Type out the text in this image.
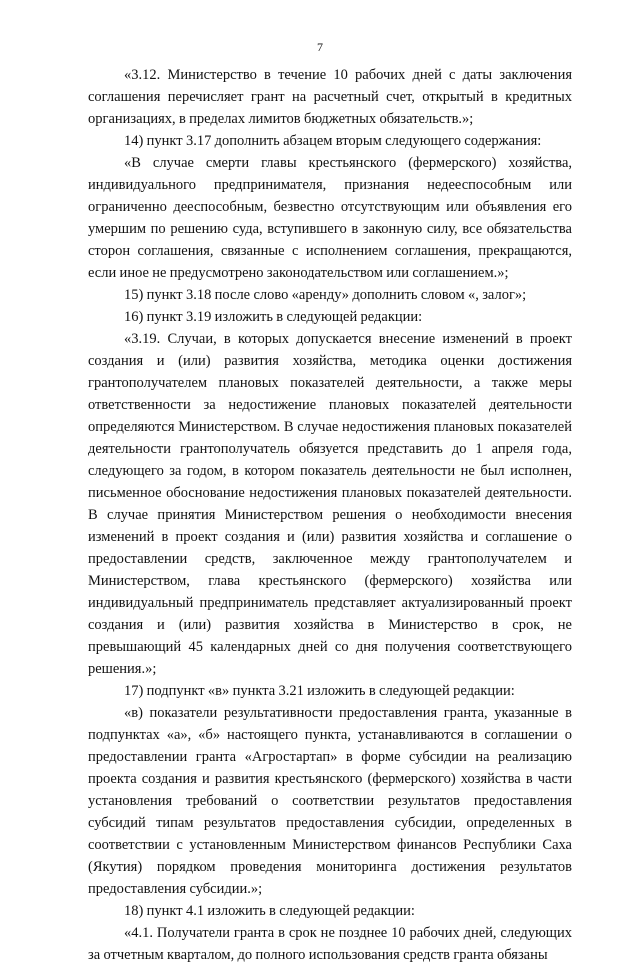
7

«3.12. Министерство в течение 10 рабочих дней с даты заключения соглашения перечисляет грант на расчетный счет, открытый в кредитных организациях, в пределах лимитов бюджетных обязательств.»;

14) пункт 3.17 дополнить абзацем вторым следующего содержания:

«В случае смерти главы крестьянского (фермерского) хозяйства, индивидуального предпринимателя, признания недееспособным или ограниченно дееспособным, безвестно отсутствующим или объявления его умершим по решению суда, вступившего в законную силу, все обязательства сторон соглашения, связанные с исполнением соглашения, прекращаются, если иное не предусмотрено законодательством или соглашением.»;

15) пункт 3.18 после слово «аренду» дополнить словом «, залог»;

16) пункт 3.19 изложить в следующей редакции:

«3.19. Случаи, в которых допускается внесение изменений в проект создания и (или) развития хозяйства, методика оценки достижения грантополучателем плановых показателей деятельности, а также меры ответственности за недостижение плановых показателей деятельности определяются Министерством. В случае недостижения плановых показателей деятельности грантополучатель обязуется представить до 1 апреля года, следующего за годом, в котором показатель деятельности не был исполнен, письменное обоснование недостижения плановых показателей деятельности. В случае принятия Министерством решения о необходимости внесения изменений в проект создания и (или) развития хозяйства и соглашение о предоставлении средств, заключенное между грантополучателем и Министерством, глава крестьянского (фермерского) хозяйства или индивидуальный предприниматель представляет актуализированный проект создания и (или) развития хозяйства в Министерство в срок, не превышающий 45 календарных дней со дня получения соответствующего решения.»;

17) подпункт «в» пункта 3.21 изложить в следующей редакции:

«в) показатели результативности предоставления гранта, указанные в подпунктах «а», «б» настоящего пункта, устанавливаются в соглашении о предоставлении гранта «Агростартап» в форме субсидии на реализацию проекта создания и развития крестьянского (фермерского) хозяйства в части установления требований о соответствии результатов предоставления субсидий типам результатов предоставления субсидии, определенных в соответствии с установленным Министерством финансов Республики Саха (Якутия) порядком проведения мониторинга достижения результатов предоставления субсидии.»;

18) пункт 4.1 изложить в следующей редакции:

«4.1. Получатели гранта в срок не позднее 10 рабочих дней, следующих за отчетным кварталом, до полного использования средств гранта обязаны
